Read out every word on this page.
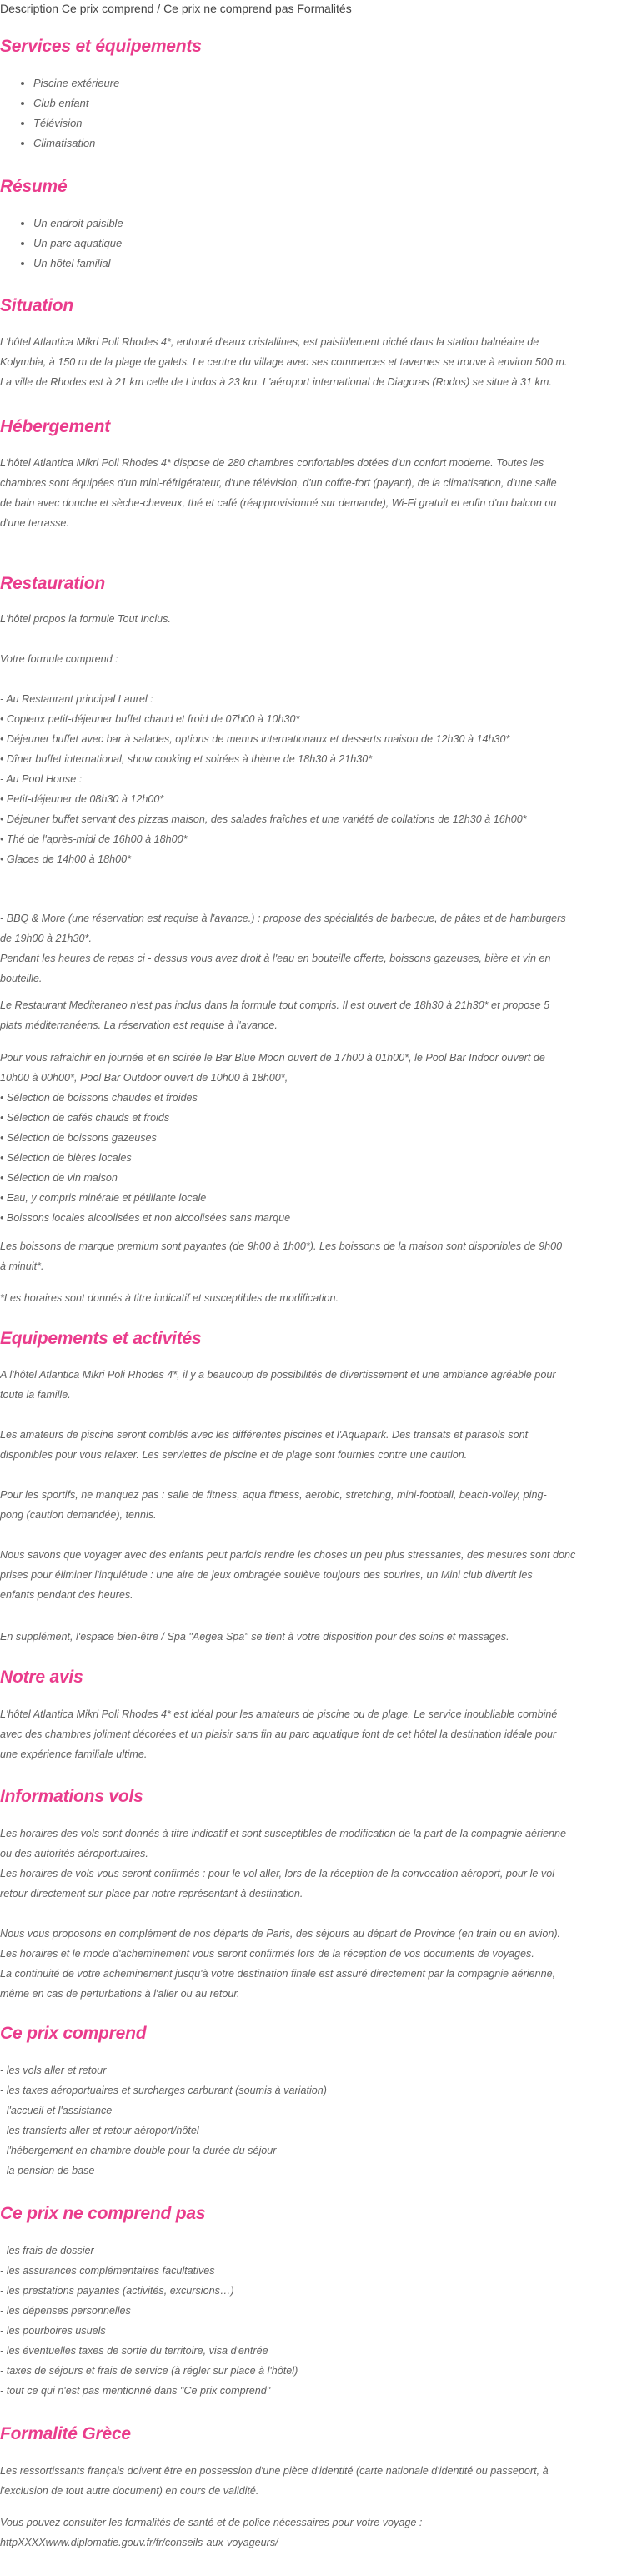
Description Ce prix comprend / Ce prix ne comprend pas Formalités
Services et équipements
• Piscine extérieure
• Club enfant
• Télévision
• Climatisation
Résumé
• Un endroit paisible
• Un parc aquatique
• Un hôtel familial
Situation
L'hôtel Atlantica Mikri Poli Rhodes 4*, entouré d'eaux cristallines, est paisiblement niché dans la station balnéaire de
Kolymbia, à 150 m de la plage de galets. Le centre du village avec ses commerces et tavernes se trouve à environ 500 m.
La ville de Rhodes est à 21 km celle de Lindos à 23 km. L'aéroport international de Diagoras (Rodos) se situe à 31 km.
Hébergement
L'hôtel Atlantica Mikri Poli Rhodes 4* dispose de 280 chambres confortables dotées d'un confort moderne. Toutes les
chambres sont équipées d'un mini-réfrigérateur, d'une télévision, d'un coffre-fort (payant), de la climatisation, d'une salle
de bain avec douche et sèche-cheveux, thé et café (réapprovisionné sur demande), Wi-Fi gratuit et enfin d'un balcon ou
d'une terrasse.
Restauration
L'hôtel propos la formule Tout Inclus.
Votre formule comprend :
- Au Restaurant principal Laurel :
• Copieux petit-déjeuner buffet chaud et froid de 07h00 à 10h30*
• Déjeuner buffet avec bar à salades, options de menus internationaux et desserts maison de 12h30 à 14h30*
• Dîner buffet international, show cooking et soirées à thème de 18h30 à 21h30*
- Au Pool House :
• Petit-déjeuner de 08h30 à 12h00*
• Déjeuner buffet servant des pizzas maison, des salades fraîches et une variété de collations de 12h30 à 16h00*
• Thé de l'après-midi de 16h00 à 18h00*
• Glaces de 14h00 à 18h00*
- BBQ & More (une réservation est requise à l'avance.) : propose des spécialités de barbecue, de pâtes et de hamburgers
de 19h00 à 21h30*.
Pendant les heures de repas ci - dessus vous avez droit à l'eau en bouteille offerte, boissons gazeuses, bière et vin en
bouteille.
Le Restaurant Mediteraneo n'est pas inclus dans la formule tout compris. Il est ouvert de 18h30 à 21h30* et propose 5
plats méditerranéens. La réservation est requise à l'avance.
Pour vous rafraichir en journée et en soirée le Bar Blue Moon ouvert de 17h00 à 01h00*, le Pool Bar Indoor ouvert de
10h00 à 00h00*, Pool Bar Outdoor ouvert de 10h00 à 18h00*,
• Sélection de boissons chaudes et froides
• Sélection de cafés chauds et froids
• Sélection de boissons gazeuses
• Sélection de bières locales
• Sélection de vin maison
• Eau, y compris minérale et pétillante locale
• Boissons locales alcoolisées et non alcoolisées sans marque
Les boissons de marque premium sont payantes (de 9h00 à 1h00*). Les boissons de la maison sont disponibles de 9h00
à minuit*.
*Les horaires sont donnés à titre indicatif et susceptibles de modification.
Equipements et activités
A l'hôtel Atlantica Mikri Poli Rhodes 4*, il y a beaucoup de possibilités de divertissement et une ambiance agréable pour
toute la famille.
Les amateurs de piscine seront comblés avec les différentes piscines et l'Aquapark. Des transats et parasols sont
disponibles pour vous relaxer. Les serviettes de piscine et de plage sont fournies contre une caution.
Pour les sportifs, ne manquez pas : salle de fitness, aqua fitness, aerobic, stretching, mini-football, beach-volley, ping-
pong (caution demandée), tennis.
Nous savons que voyager avec des enfants peut parfois rendre les choses un peu plus stressantes, des mesures sont donc
prises pour éliminer l'inquiétude : une aire de jeux ombragée soulève toujours des sourires, un Mini club divertit les
enfants pendant des heures.
En supplément, l'espace bien-être / Spa "Aegea Spa" se tient à votre disposition pour des soins et massages.
Notre avis
L'hôtel Atlantica Mikri Poli Rhodes 4* est idéal pour les amateurs de piscine ou de plage. Le service inoubliable combiné
avec des chambres joliment décorées et un plaisir sans fin au parc aquatique font de cet hôtel la destination idéale pour
une expérience familiale ultime.
Informations vols
Les horaires des vols sont donnés à titre indicatif et sont susceptibles de modification de la part de la compagnie aérienne
ou des autorités aéroportuaires.
Les horaires de vols vous seront confirmés : pour le vol aller, lors de la réception de la convocation aéroport, pour le vol
retour directement sur place par notre représentant à destination.
Nous vous proposons en complément de nos départs de Paris, des séjours au départ de Province (en train ou en avion).
Les horaires et le mode d'acheminement vous seront confirmés lors de la réception de vos documents de voyages.
La continuité de votre acheminement jusqu'à votre destination finale est assuré directement par la compagnie aérienne,
même en cas de perturbations à l'aller ou au retour.
Ce prix comprend
- les vols aller et retour
- les taxes aéroportuaires et surcharges carburant (soumis à variation)
- l'accueil et l'assistance
- les transferts aller et retour aéroport/hôtel
- l'hébergement en chambre double pour la durée du séjour
- la pension de base
Ce prix ne comprend pas
- les frais de dossier
- les assurances complémentaires facultatives
- les prestations payantes (activités, excursions…)
- les dépenses personnelles
- les pourboires usuels
- les éventuelles taxes de sortie du territoire, visa d'entrée
- taxes de séjours et frais de service (à régler sur place à l'hôtel)
- tout ce qui n'est pas mentionné dans "Ce prix comprend"
Formalité Grèce
Les ressortissants français doivent être en possession d'une pièce d'identité (carte nationale d'identité ou passeport, à
l'exclusion de tout autre document) en cours de validité.
Vous pouvez consulter les formalités de santé et de police nécessaires pour votre voyage :
httpXXXXwww.diplomatie.gouv.fr/fr/conseils-aux-voyageurs/
